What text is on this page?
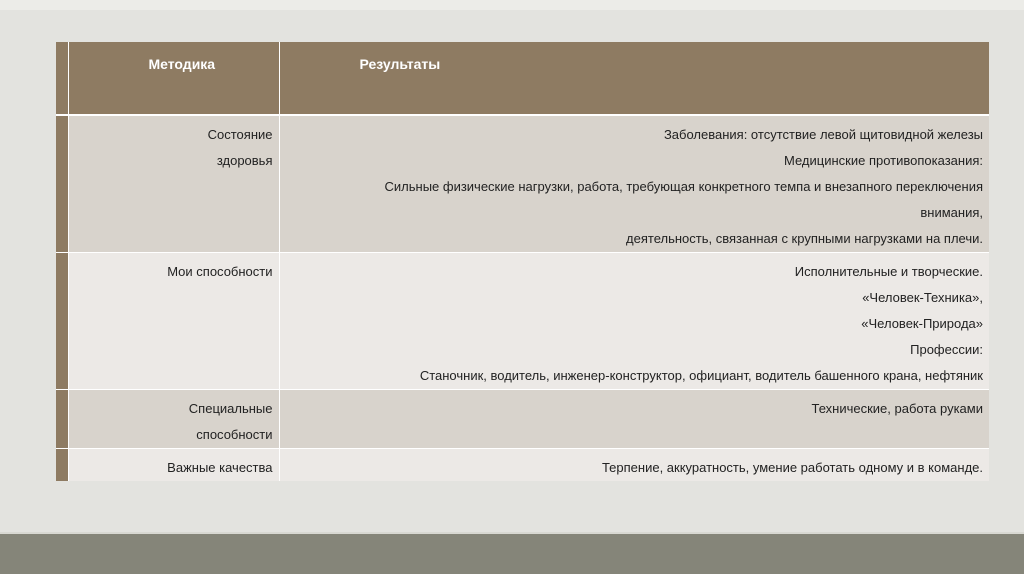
	Методика	Результаты

	Состояние
здоровья	Заболевания: отсутствие левой щитовидной железы
Медицинские противопоказания:
Сильные физические нагрузки, работа, требующая конкретного темпа и внезапного переключения
внимания,
деятельность, связанная с крупными нагрузками на плечи.

	Мои способности	Исполнительные и творческие.
«Человек-Техника»,
«Человек-Природа»
Профессии:
Станочник, водитель, инженер-конструктор, официант, водитель башенного крана, нефтяник

	Специальные
способности	Технические, работа руками

	Важные качества	Терпение, аккуратность, умение работать одному и в команде.
